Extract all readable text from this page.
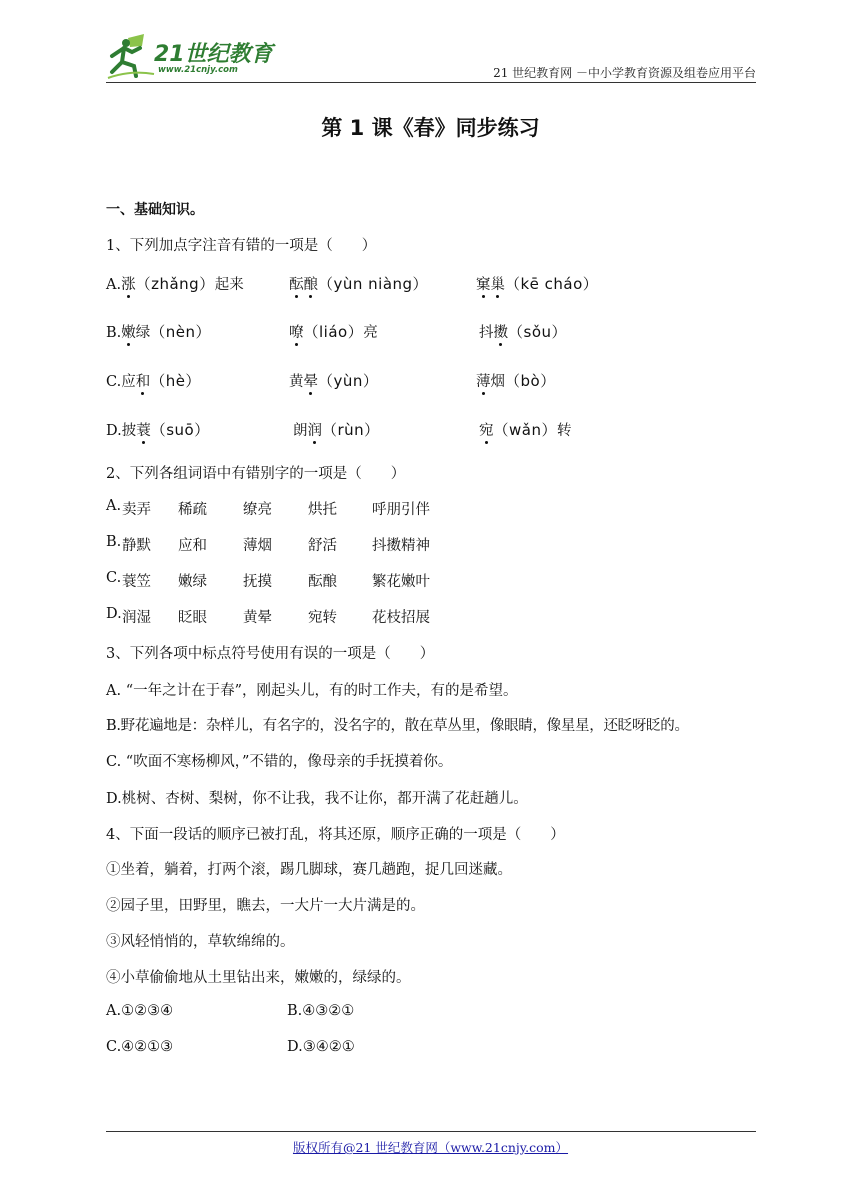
21世纪教育
www.21cnjy.com	21 世纪教育网 －中小学教育资源及组卷应用平台
第 1 课《春》同步练习
一、基础知识。
1、下列加点字注音有错的一项是（　　）
A.涨（zhǎng）起来	酝酿（yùn niàng）	窠巢（kē cháo）
B.嫩绿（nèn）	嘹（liáo）亮	抖擞（sǒu）
C.应和（hè）	黄晕（yùn）	薄烟（bò）
D.披蓑（suō）	朗润（rùn）	宛（wǎn）转
2、下列各组词语中有错别字的一项是（　　）
A. 卖弄 稀疏 缭亮 烘托 呼朋引伴
B. 静默 应和 薄烟 舒活 抖擞精神
C. 蓑笠 嫩绿 抚摸 酝酿 繁花嫩叶
D. 润湿 眨眼 黄晕 宛转 花枝招展
3、下列各项中标点符号使用有误的一项是（　　）
A. “一年之计在于春”，刚起头儿，有的时工作夫，有的是希望。
B.野花遍地是：杂样儿，有名字的，没名字的，散在草丛里，像眼睛，像星星，还眨呀眨的。
C. “吹面不寒杨柳风，”不错的，像母亲的手抚摸着你。
D.桃树、杏树、梨树，你不让我，我不让你，都开满了花赶趟儿。
4、下面一段话的顺序已被打乱，将其还原，顺序正确的一项是（　　）
①坐着，躺着，打两个滚，踢几脚球，赛几趟跑，捉几回迷藏。
②园子里，田野里，瞧去，一大片一大片满是的。
③风轻悄悄的，草软绵绵的。
④小草偷偷地从土里钻出来，嫩嫩的，绿绿的。
A.①②③④	B.④③②①
C.④②①③	D.③④②①
版权所有@21 世纪教育网（www.21cnjy.com）
